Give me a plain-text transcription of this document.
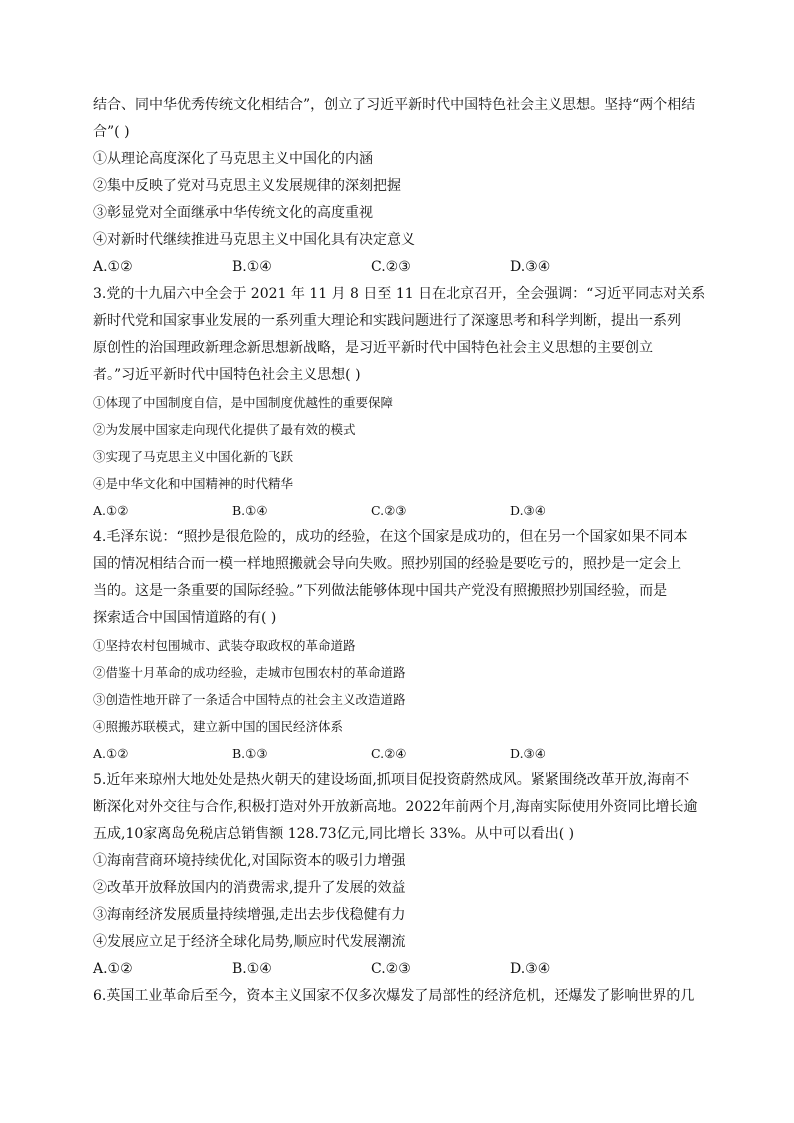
结合、同中华优秀传统文化相结合”，创立了习近平新时代中国特色社会主义思想。坚持“两个相结
合”( )
①从理论高度深化了马克思主义中国化的内涵
②集中反映了党对马克思主义发展规律的深刻把握
③彰显党对全面继承中华传统文化的高度重视
④对新时代继续推进马克思主义中国化具有决定意义
A.①②	B.①④	C.②③	D.③④
3.党的十九届六中全会于 2021 年 11 月 8 日至 11 日在北京召开，全会强调：“习近平同志对关系
新时代党和国家事业发展的一系列重大理论和实践问题进行了深邃思考和科学判断，提出一系列
原创性的治国理政新理念新思想新战略，是习近平新时代中国特色社会主义思想的主要创立
者。”习近平新时代中国特色社会主义思想( )
①体现了中国制度自信，是中国制度优越性的重要保障
②为发展中国家走向现代化提供了最有效的模式
③实现了马克思主义中国化新的飞跃
④是中华文化和中国精神的时代精华
A.①②	B.①④	C.②③	D.③④
4.毛泽东说：“照抄是很危险的，成功的经验，在这个国家是成功的，但在另一个国家如果不同本
国的情况相结合而一模一样地照搬就会导向失败。照抄别国的经验是要吃亏的，照抄是一定会上
当的。这是一条重要的国际经验。”下列做法能够体现中国共产党没有照搬照抄别国经验，而是
探索适合中国国情道路的有( )
①坚持农村包围城市、武装夺取政权的革命道路
②借鉴十月革命的成功经验，走城市包围农村的革命道路
③创造性地开辟了一条适合中国特点的社会主义改造道路
④照搬苏联模式，建立新中国的国民经济体系
A.①②	B.①③	C.②④	D.③④
5.近年来琼州大地处处是热火朝天的建设场面,抓项目促投资蔚然成风。紧紧围绕改革开放,海南不
断深化对外交往与合作,积极打造对外开放新高地。2022年前两个月,海南实际使用外资同比增长逾
五成,10家离岛免税店总销售额 128.73亿元,同比增长 33%。从中可以看出( )
①海南营商环境持续优化,对国际资本的吸引力增强
②改革开放释放国内的消费需求,提升了发展的效益
③海南经济发展质量持续增强,走出去步伐稳健有力
④发展应立足于经济全球化局势,顺应时代发展潮流
A.①②	B.①④	C.②③	D.③④
6.英国工业革命后至今，资本主义国家不仅多次爆发了局部性的经济危机，还爆发了影响世界的几
